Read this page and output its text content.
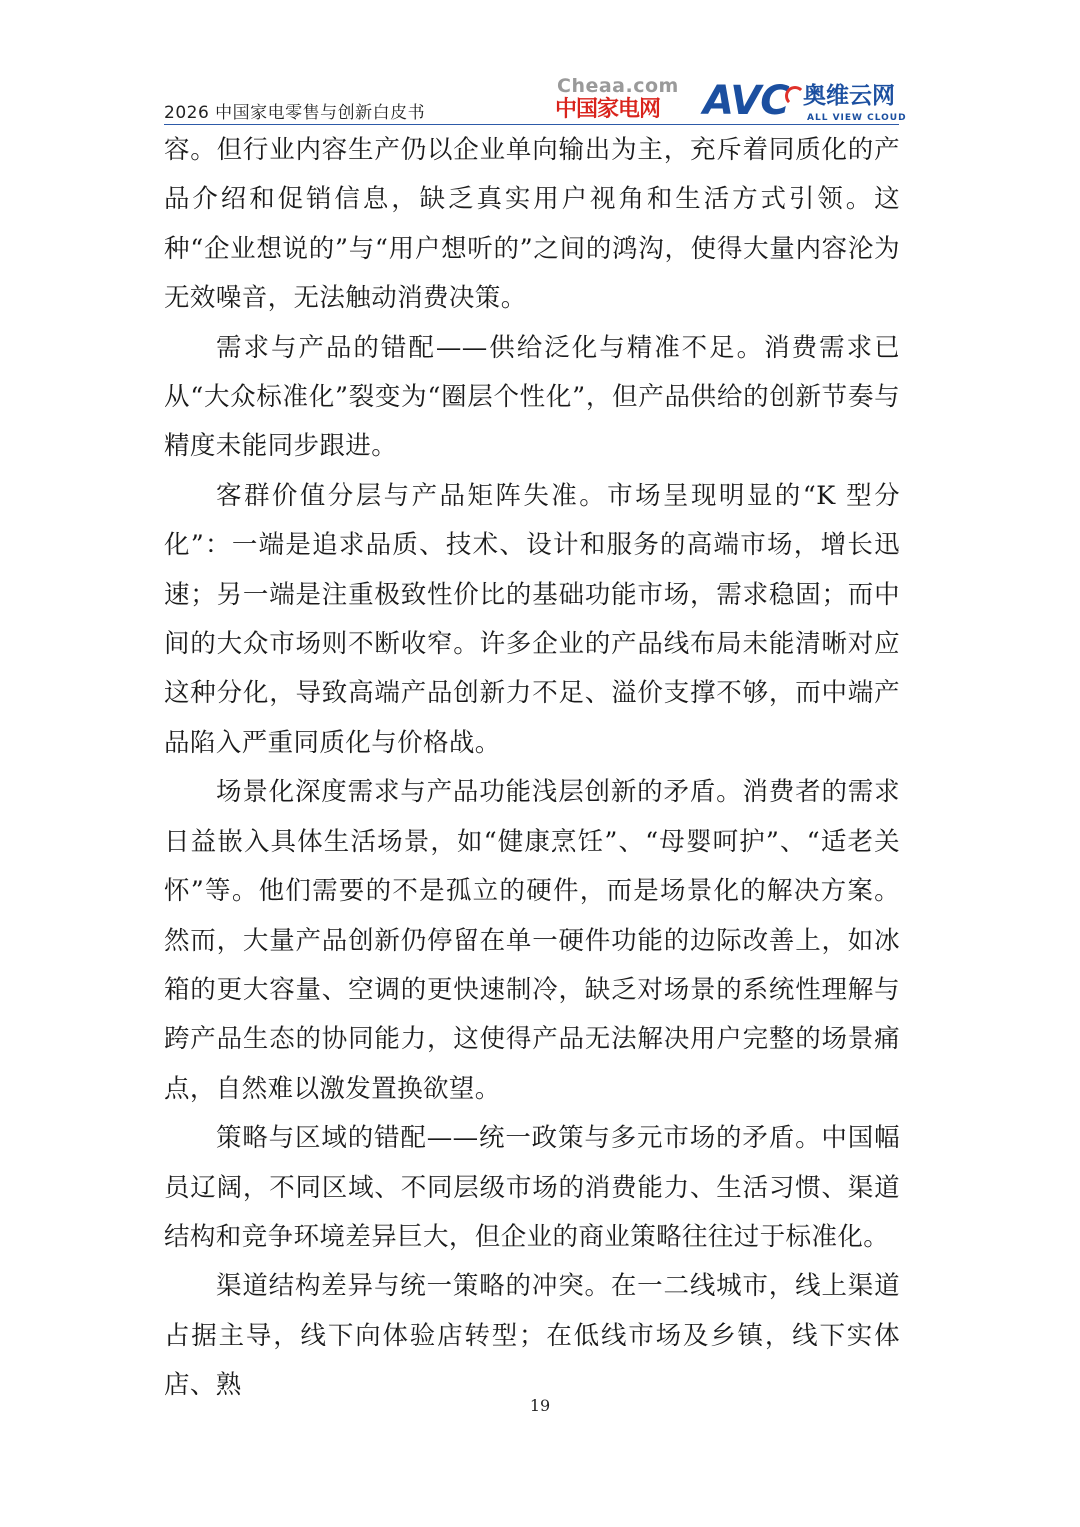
2026 中国家电零售与创新白皮书
Cheaa.com
中国家电网 AVC 奥维云网
ALL VIEW CLOUD

容。但行业内容生产仍以企业单向输出为主，充斥着同质化的产品介绍和促销信息，缺乏真实用户视角和生活方式引领。这种“企业想说的”与“用户想听的”之间的鸿沟，使得大量内容沦为无效噪音，无法触动消费决策。

需求与产品的错配——供给泛化与精准不足。消费需求已从“大众标准化”裂变为“圈层个性化”，但产品供给的创新节奏与精度未能同步跟进。

客群价值分层与产品矩阵失准。市场呈现明显的“K 型分化”：一端是追求品质、技术、设计和服务的高端市场，增长迅速；另一端是注重极致性价比的基础功能市场，需求稳固；而中间的大众市场则不断收窄。许多企业的产品线布局未能清晰对应这种分化，导致高端产品创新力不足、溢价支撑不够，而中端产品陷入严重同质化与价格战。

场景化深度需求与产品功能浅层创新的矛盾。消费者的需求日益嵌入具体生活场景，如“健康烹饪”、“母婴呵护”、“适老关怀”等。他们需要的不是孤立的硬件，而是场景化的解决方案。然而，大量产品创新仍停留在单一硬件功能的边际改善上，如冰箱的更大容量、空调的更快速制冷，缺乏对场景的系统性理解与跨产品生态的协同能力，这使得产品无法解决用户完整的场景痛点，自然难以激发置换欲望。

策略与区域的错配——统一政策与多元市场的矛盾。中国幅员辽阔，不同区域、不同层级市场的消费能力、生活习惯、渠道结构和竞争环境差异巨大，但企业的商业策略往往过于标准化。

渠道结构差异与统一策略的冲突。在一二线城市，线上渠道占据主导，线下向体验店转型；在低线市场及乡镇，线下实体店、熟

19
